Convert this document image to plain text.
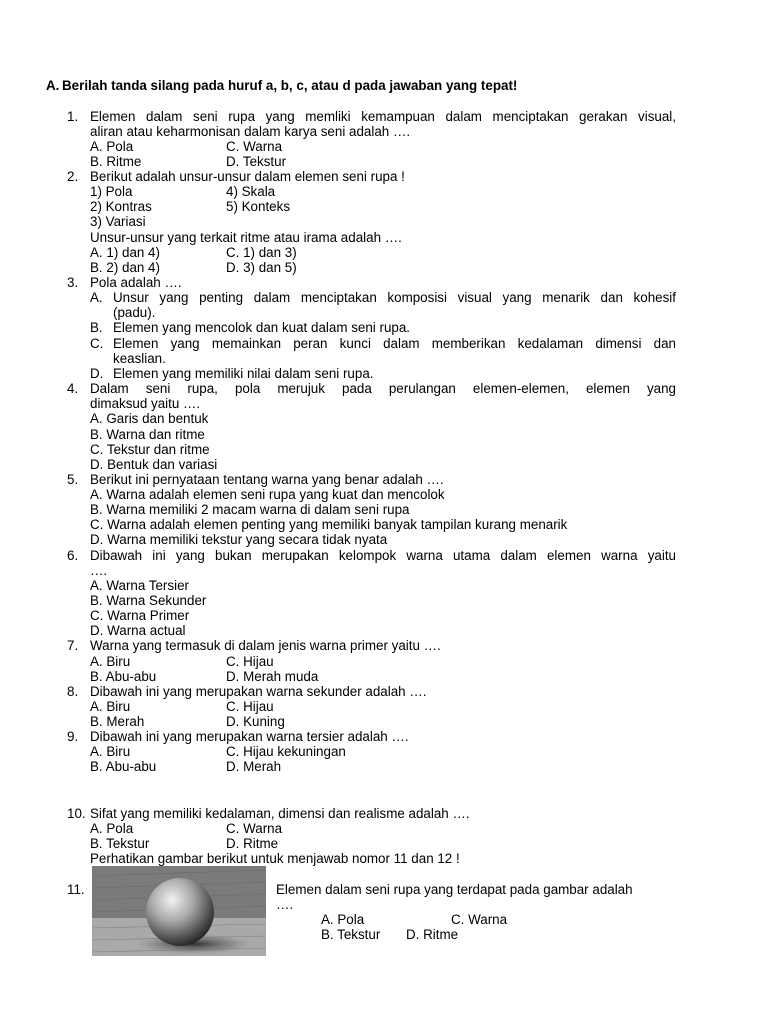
A. Berilah tanda silang pada huruf a, b, c, atau d pada jawaban yang tepat!
1. Elemen dalam seni rupa yang memliki kemampuan dalam menciptakan gerakan visual,
aliran atau keharmonisan dalam karya seni adalah ….
A. Pola	C. Warna
B. Ritme	D. Tekstur
2. Berikut adalah unsur-unsur dalam elemen seni rupa !
1) Pola	4) Skala
2) Kontras	5) Konteks
3) Variasi
Unsur-unsur yang terkait ritme atau irama adalah ….
A. 1) dan 4)	C. 1) dan 3)
B. 2) dan 4)	D. 3) dan 5)
3. Pola adalah ….
A. Unsur yang penting dalam menciptakan komposisi visual yang menarik dan kohesif
(padu).
B. Elemen yang mencolok dan kuat dalam seni rupa.
C. Elemen yang memainkan peran kunci dalam memberikan kedalaman dimensi dan
keaslian.
D. Elemen yang memiliki nilai dalam seni rupa.
4. Dalam seni rupa, pola merujuk pada perulangan elemen-elemen, elemen yang
dimaksud yaitu ….
A. Garis dan bentuk
B. Warna dan ritme
C. Tekstur dan ritme
D. Bentuk dan variasi
5. Berikut ini pernyataan tentang warna yang benar adalah ….
A. Warna adalah elemen seni rupa yang kuat dan mencolok
B. Warna memiliki 2 macam warna di dalam seni rupa
C. Warna adalah elemen penting yang memiliki banyak tampilan kurang menarik
D. Warna memiliki tekstur yang secara tidak nyata
6. Dibawah ini yang bukan merupakan kelompok warna utama dalam elemen warna yaitu
….
A. Warna Tersier
B. Warna Sekunder
C. Warna Primer
D. Warna actual
7. Warna yang termasuk di dalam jenis warna primer yaitu ….
A. Biru	C. Hijau
B. Abu-abu	D. Merah muda
8. Dibawah ini yang merupakan warna sekunder adalah ….
A. Biru	C. Hijau
B. Merah	D. Kuning
9. Dibawah ini yang merupakan warna tersier adalah ….
A. Biru	C. Hijau kekuningan
B. Abu-abu	D. Merah
10. Sifat yang memiliki kedalaman, dimensi dan realisme adalah ….
A. Pola	C. Warna
B. Tekstur	D. Ritme
Perhatikan gambar berikut untuk menjawab nomor 11 dan 12 !
11.	Elemen dalam seni rupa yang terdapat pada gambar adalah
….
A. Pola	C. Warna
B. Tekstur D. Ritme
